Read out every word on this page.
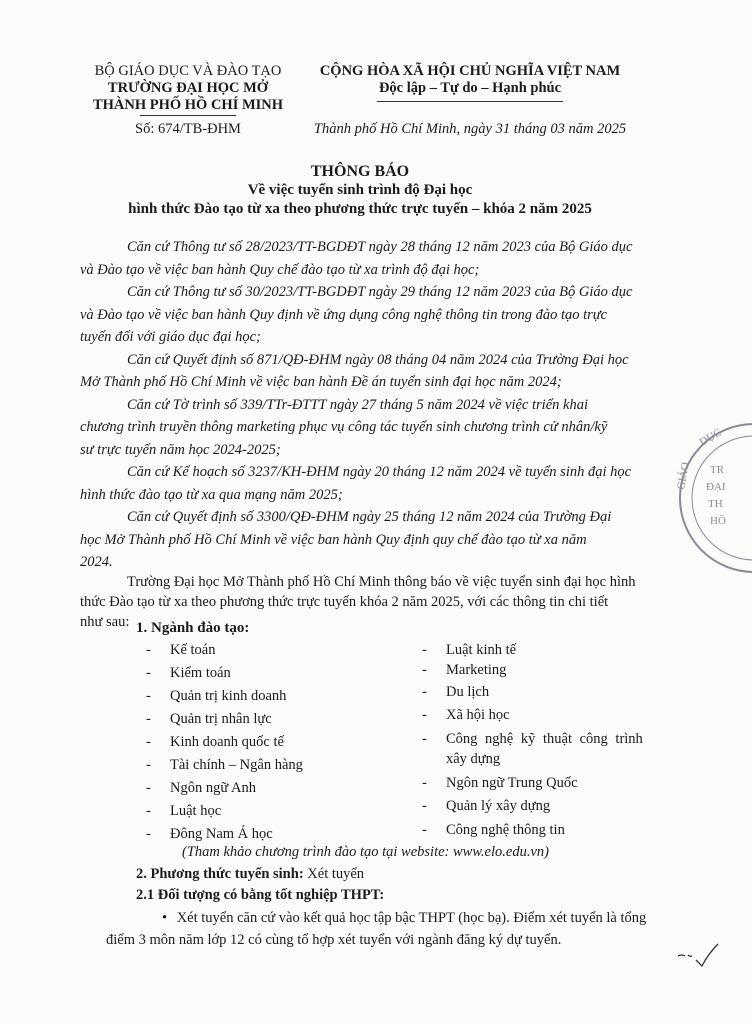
BỘ GIÁO DỤC VÀ ĐÀO TẠO
TRƯỜNG ĐẠI HỌC MỞ
THÀNH PHỐ HỒ CHÍ MINH
Số: 674/TB-ĐHM
CỘNG HÒA XÃ HỘI CHỦ NGHĨA VIỆT NAM
Độc lập – Tự do – Hạnh phúc
Thành phố Hồ Chí Minh, ngày 31 tháng 03 năm 2025
THÔNG BÁO
Về việc tuyển sinh trình độ Đại học
hình thức Đào tạo từ xa theo phương thức trực tuyến – khóa 2 năm 2025
Căn cứ Thông tư số 28/2023/TT-BGDĐT ngày 28 tháng 12 năm 2023 của Bộ Giáo dục
và Đào tạo về việc ban hành Quy chế đào tạo từ xa trình độ đại học;
Căn cứ Thông tư số 30/2023/TT-BGDĐT ngày 29 tháng 12 năm 2023 của Bộ Giáo dục
và Đào tạo về việc ban hành Quy định về ứng dụng công nghệ thông tin trong đào tạo trực
tuyến đối với giáo dục đại học;
Căn cứ Quyết định số 871/QĐ-ĐHM ngày 08 tháng 04 năm 2024 của Trường Đại học
Mở Thành phố Hồ Chí Minh về việc ban hành Đề án tuyển sinh đại học năm 2024;
Căn cứ Tờ trình số 339/TTr-ĐTTT ngày 27 tháng 5 năm 2024 về việc triển khai
chương trình truyền thông marketing phục vụ công tác tuyển sinh chương trình cử nhân/kỹ
sư trực tuyến năm học 2024-2025;
Căn cứ Kế hoạch số 3237/KH-ĐHM ngày 20 tháng 12 năm 2024 về tuyển sinh đại học
hình thức đào tạo từ xa qua mạng năm 2025;
Căn cứ Quyết định số 3300/QĐ-ĐHM ngày 25 tháng 12 năm 2024 của Trường Đại
học Mở Thành phố Hồ Chí Minh về việc ban hành Quy định quy chế đào tạo từ xa năm
2024.
Trường Đại học Mở Thành phố Hồ Chí Minh thông báo về việc tuyển sinh đại học hình
thức Đào tạo từ xa theo phương thức trực tuyến khóa 2 năm 2025, với các thông tin chi tiết
như sau: 1. Ngành đào tạo:
- Kế toán
- Kiểm toán
- Quản trị kinh doanh
- Quản trị nhân lực
- Kinh doanh quốc tế
- Tài chính – Ngân hàng
- Ngôn ngữ Anh
- Luật học
- Đông Nam Á học
- Luật kinh tế
- Marketing
- Du lịch
- Xã hội học
- Công nghệ kỹ thuật công trình
xây dựng
- Ngôn ngữ Trung Quốc
- Quản lý xây dựng
- Công nghệ thông tin
(Tham khảo chương trình đào tạo tại website: www.elo.edu.vn)
2. Phương thức tuyển sinh: Xét tuyển
2.1 Đối tượng có bằng tốt nghiệp THPT:
• Xét tuyển căn cứ vào kết quả học tập bậc THPT (học bạ). Điểm xét tuyển là tổng
điểm 3 môn năm lớp 12 có cùng tổ hợp xét tuyển với ngành đăng ký dự tuyển.
DỤC
GIÁO TR
ĐẠI
TH
HỒ
